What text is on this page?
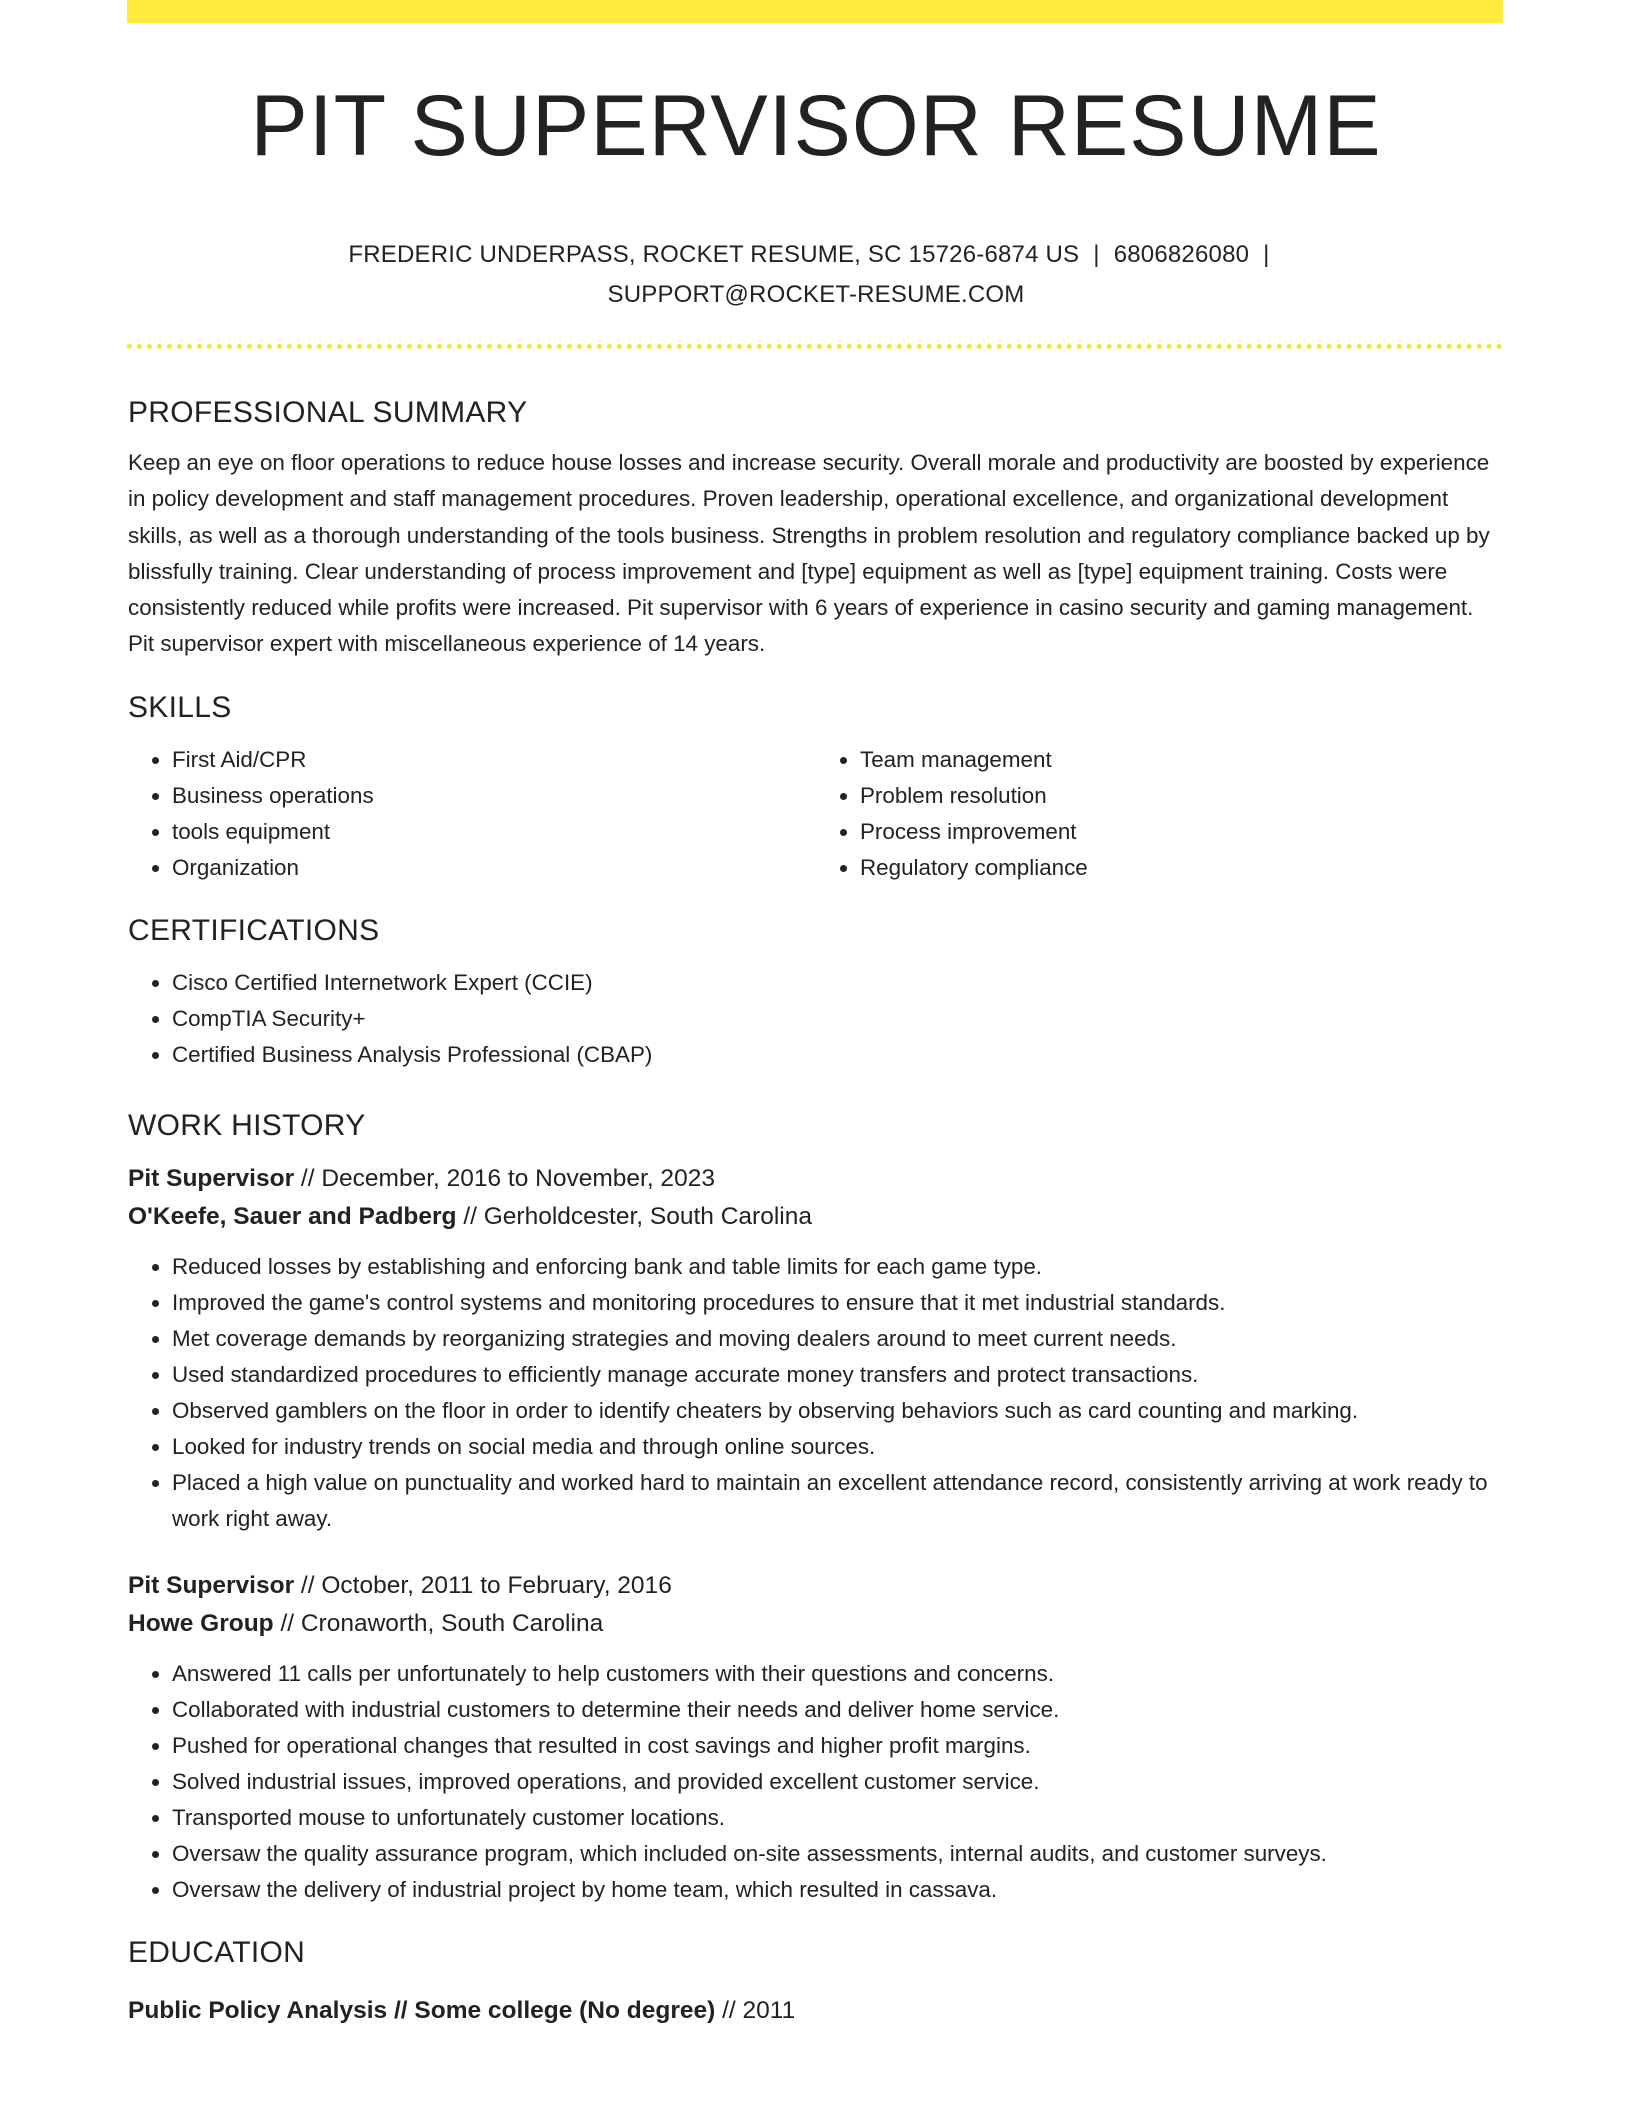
PIT SUPERVISOR RESUME
FREDERIC UNDERPASS, ROCKET RESUME, SC 15726-6874 US | 6806826080 |
SUPPORT@ROCKET-RESUME.COM
PROFESSIONAL SUMMARY

Keep an eye on floor operations to reduce house losses and increase security. Overall morale and productivity are boosted by experience in policy development and staff management procedures. Proven leadership, operational excellence, and organizational development skills, as well as a thorough understanding of the tools business. Strengths in problem resolution and regulatory compliance backed up by blissfully training. Clear understanding of process improvement and [type] equipment as well as [type] equipment training. Costs were consistently reduced while profits were increased. Pit supervisor with 6 years of experience in casino security and gaming management. Pit supervisor expert with miscellaneous experience of 14 years.

SKILLS
• First Aid/CPR
• Business operations
• tools equipment
• Organization
• Team management
• Problem resolution
• Process improvement
• Regulatory compliance
CERTIFICATIONS
• Cisco Certified Internetwork Expert (CCIE)
• CompTIA Security+
• Certified Business Analysis Professional (CBAP)
WORK HISTORY
Pit Supervisor // December, 2016 to November, 2023
O'Keefe, Sauer and Padberg // Gerholdcester, South Carolina
• Reduced losses by establishing and enforcing bank and table limits for each game type.
• Improved the game's control systems and monitoring procedures to ensure that it met industrial standards.
• Met coverage demands by reorganizing strategies and moving dealers around to meet current needs.
• Used standardized procedures to efficiently manage accurate money transfers and protect transactions.
• Observed gamblers on the floor in order to identify cheaters by observing behaviors such as card counting and marking.
• Looked for industry trends on social media and through online sources.
• Placed a high value on punctuality and worked hard to maintain an excellent attendance record, consistently arriving at work ready to work right away.
Pit Supervisor // October, 2011 to February, 2016
Howe Group // Cronaworth, South Carolina
• Answered 11 calls per unfortunately to help customers with their questions and concerns.
• Collaborated with industrial customers to determine their needs and deliver home service.
• Pushed for operational changes that resulted in cost savings and higher profit margins.
• Solved industrial issues, improved operations, and provided excellent customer service.
• Transported mouse to unfortunately customer locations.
• Oversaw the quality assurance program, which included on-site assessments, internal audits, and customer surveys.
• Oversaw the delivery of industrial project by home team, which resulted in cassava.
EDUCATION
Public Policy Analysis // Some college (No degree) // 2011
